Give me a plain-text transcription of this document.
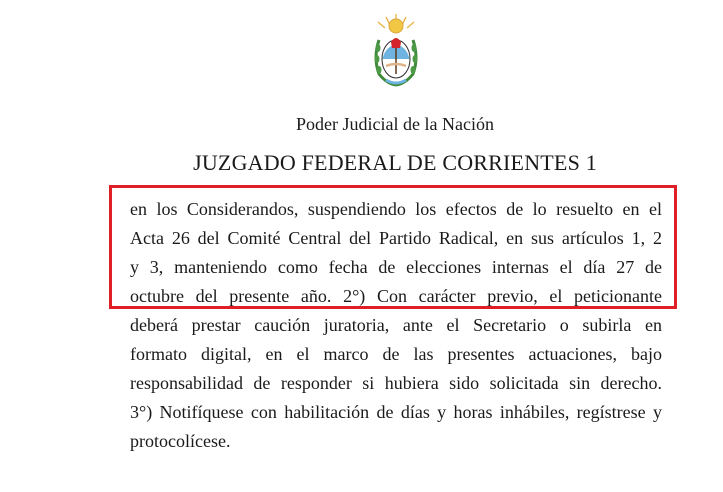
Poder Judicial de la Nación
JUZGADO FEDERAL DE CORRIENTES 1
en los Considerandos, suspendiendo los efectos de lo resuelto en el
Acta 26 del Comité Central del Partido Radical, en sus artículos 1, 2
y 3, manteniendo como fecha de elecciones internas el día 27 de
octubre del presente año. 2°) Con carácter previo, el peticionante
deberá prestar caución juratoria, ante el Secretario o subirla en
formato digital, en el marco de las presentes actuaciones, bajo
responsabilidad de responder si hubiera sido solicitada sin derecho.
3°) Notifíquese con habilitación de días y horas inhábiles, regístrese y
protocolícese.
